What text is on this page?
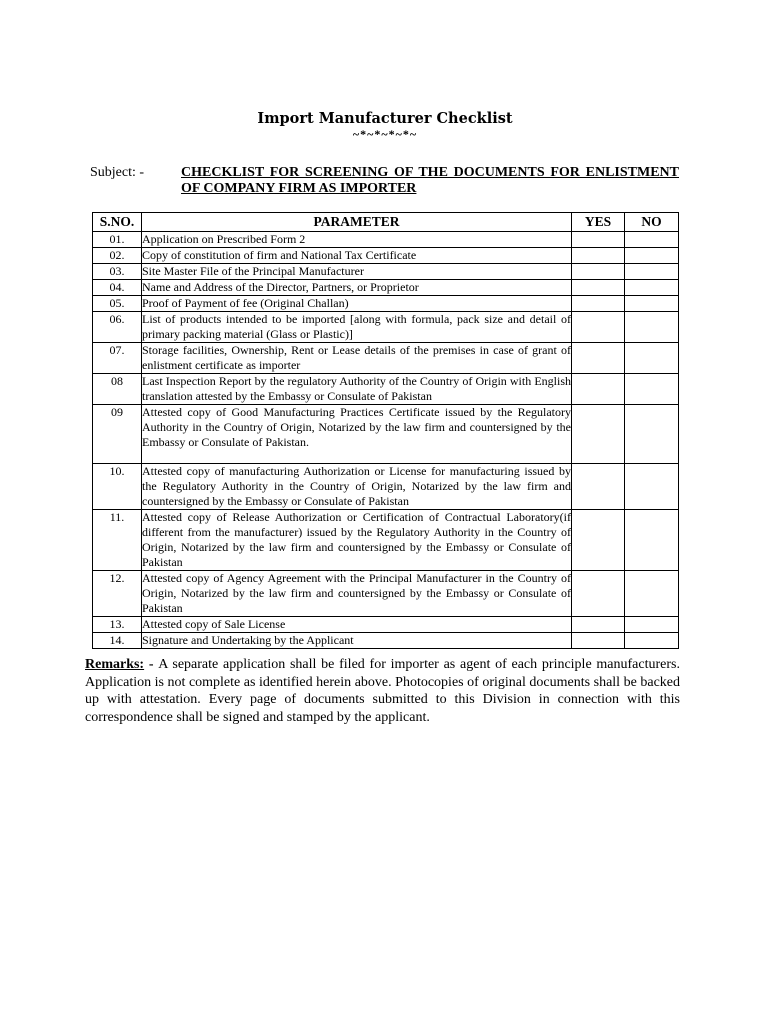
Import Manufacturer Checklist
~*~*~*~*~
Subject: -	CHECKLIST FOR SCREENING OF THE DOCUMENTS FOR ENLISTMENT OF COMPANY FIRM AS IMPORTER
S.NO.	PARAMETER	YES	NO
01.	Application on Prescribed Form 2		
02.	Copy of constitution of firm and National Tax Certificate		
03.	Site Master File of the Principal Manufacturer		
04.	Name and Address of the Director, Partners, or Proprietor		
05.	Proof of Payment of fee (Original Challan)		
06.	List of products intended to be imported [along with formula, pack size and detail of primary packing material (Glass or Plastic)]		
07.	Storage facilities, Ownership, Rent or Lease details of the premises in case of grant of enlistment certificate as importer		
08	Last Inspection Report by the regulatory Authority of the Country of Origin with English translation attested by the Embassy or Consulate of Pakistan		
09	Attested copy of Good Manufacturing Practices Certificate issued by the Regulatory Authority in the Country of Origin, Notarized by the law firm and countersigned by the Embassy or Consulate of Pakistan.		
10.	Attested copy of manufacturing Authorization or License for manufacturing issued by the Regulatory Authority in the Country of Origin, Notarized by the law firm and countersigned by the Embassy or Consulate of Pakistan		
11.	Attested copy of Release Authorization or Certification of Contractual Laboratory(if different from the manufacturer) issued by the Regulatory Authority in the Country of Origin, Notarized by the law firm and countersigned by the Embassy or Consulate of Pakistan		
12.	Attested copy of Agency Agreement with the Principal Manufacturer in the Country of Origin, Notarized by the law firm and countersigned by the Embassy or Consulate of Pakistan		
13.	Attested copy of Sale License		
14.	Signature and Undertaking by the Applicant		
Remarks: - A separate application shall be filed for importer as agent of each principle manufacturers. Application is not complete as identified herein above. Photocopies of original documents shall be backed up with attestation. Every page of documents submitted to this Division in connection with this correspondence shall be signed and stamped by the applicant.
